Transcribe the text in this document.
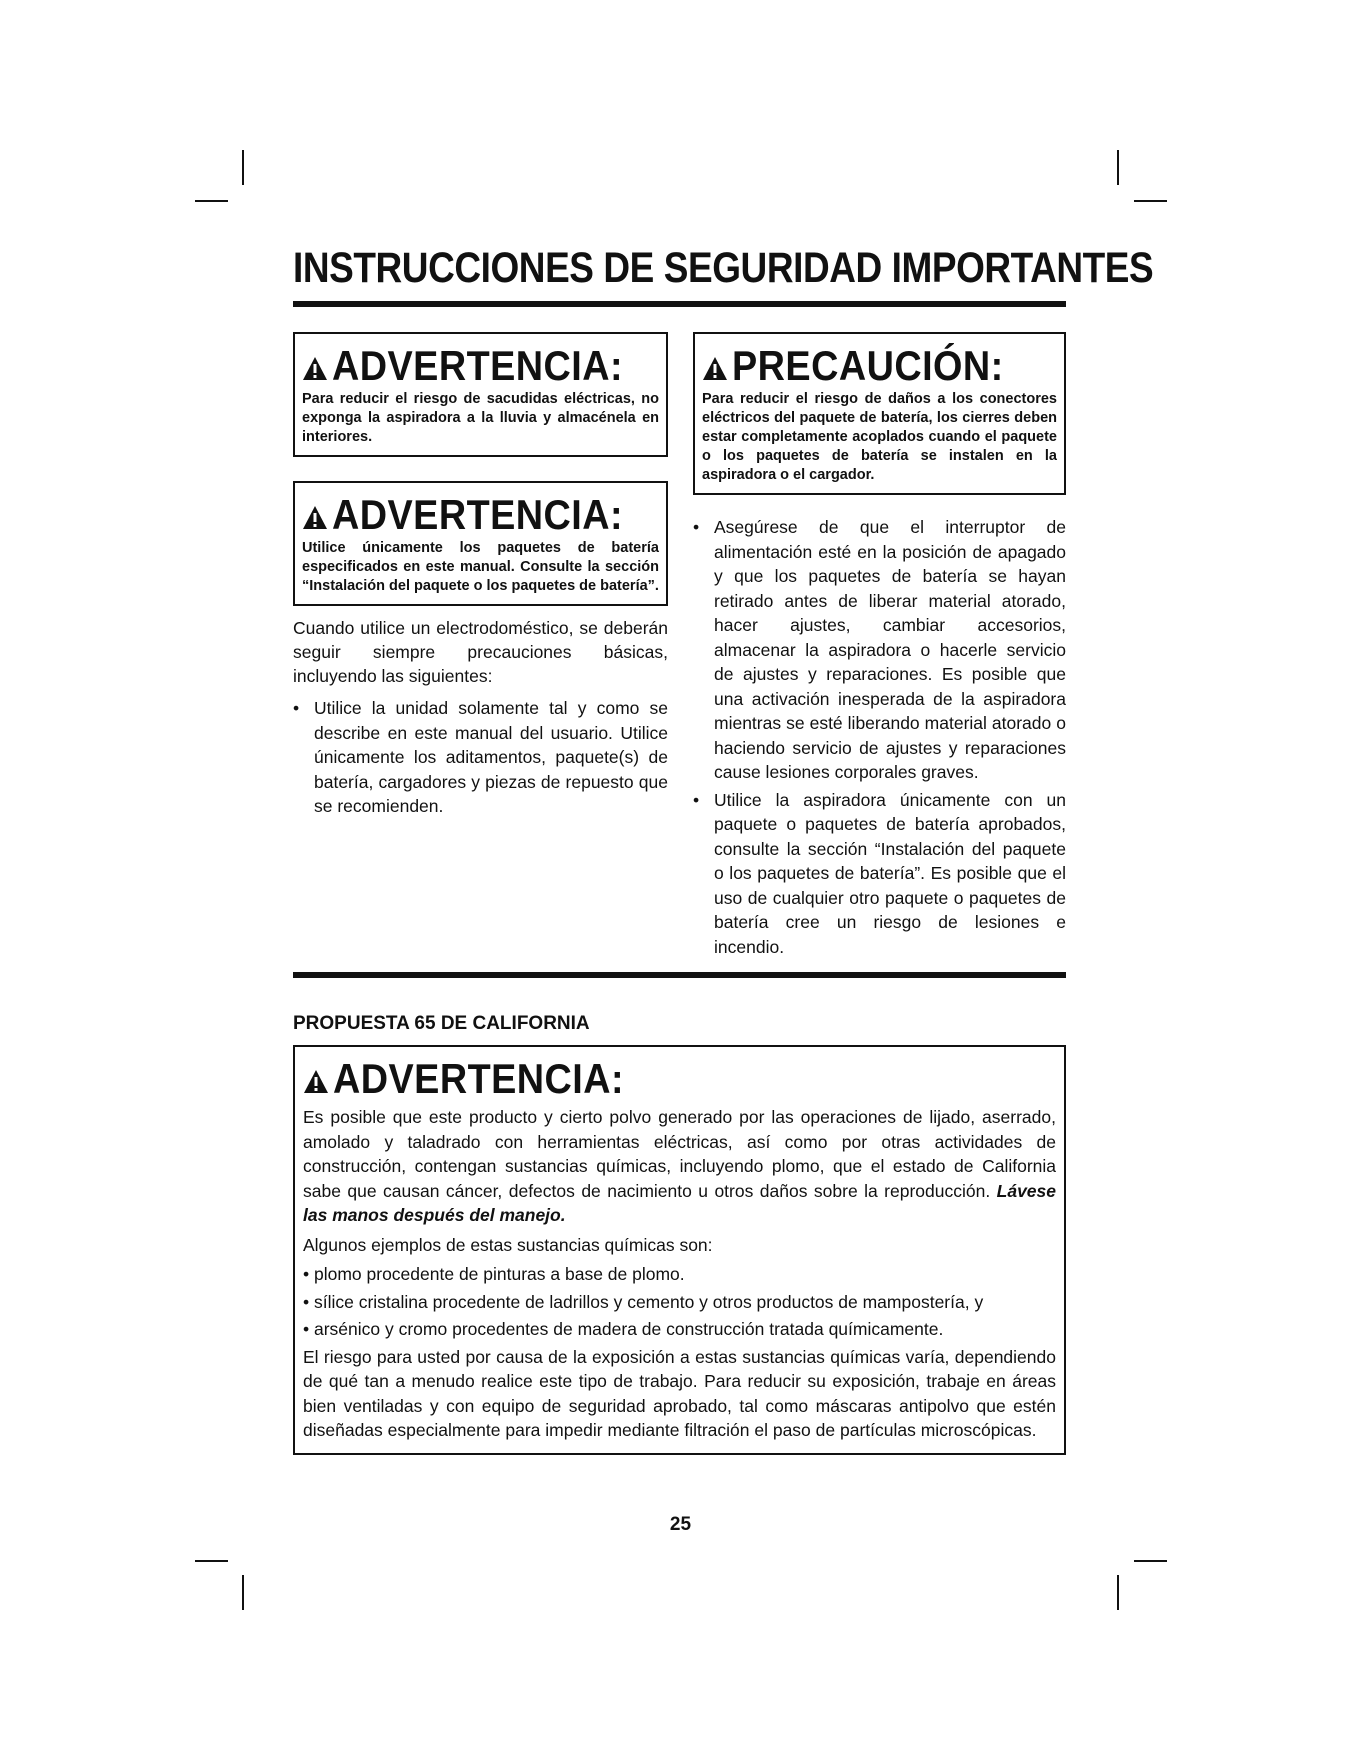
INSTRUCCIONES DE SEGURIDAD IMPORTANTES
ADVERTENCIA:
Para reducir el riesgo de sacudidas eléctricas, no exponga la aspiradora a la lluvia y almacénela en interiores.
ADVERTENCIA:
Utilice únicamente los paquetes de batería especificados en este manual. Consulte la sección “Instalación del paquete o los paquetes de batería”.

Cuando utilice un electrodoméstico, se deberán seguir siempre precauciones básicas, incluyendo las siguientes:

• Utilice la unidad solamente tal y como se describe en este manual del usuario. Utilice únicamente los aditamentos, paquete(s) de batería, cargadores y piezas de repuesto que se recomienden.
PRECAUCIÓN:
Para reducir el riesgo de daños a los conectores eléctricos del paquete de batería, los cierres deben estar completamente acoplados cuando el paquete o los paquetes de batería se instalen en la aspiradora o el cargador.
• Asegúrese de que el interruptor de alimentación esté en la posición de apagado y que los paquetes de batería se hayan retirado antes de liberar material atorado, hacer ajustes, cambiar accesorios, almacenar la aspiradora o hacerle servicio de ajustes y reparaciones. Es posible que una activación inesperada de la aspiradora mientras se esté liberando material atorado o haciendo servicio de ajustes y reparaciones cause lesiones corporales graves.
• Utilice la aspiradora únicamente con un paquete o paquetes de batería aprobados, consulte la sección “Instalación del paquete o los paquetes de batería”. Es posible que el uso de cualquier otro paquete o paquetes de batería cree un riesgo de lesiones e incendio.
PROPUESTA 65 DE CALIFORNIA
ADVERTENCIA:

Es posible que este producto y cierto polvo generado por las operaciones de lijado, aserrado, amolado y taladrado con herramientas eléctricas, así como por otras actividades de construcción, contengan sustancias químicas, incluyendo plomo, que el estado de California sabe que causan cáncer, defectos de nacimiento u otros daños sobre la reproducción. Lávese las manos después del manejo.

Algunos ejemplos de estas sustancias químicas son:

• plomo procedente de pinturas a base de plomo.
• sílice cristalina procedente de ladrillos y cemento y otros productos de mampostería, y
• arsénico y cromo procedentes de madera de construcción tratada químicamente.

El riesgo para usted por causa de la exposición a estas sustancias químicas varía, dependiendo de qué tan a menudo realice este tipo de trabajo. Para reducir su exposición, trabaje en áreas bien ventiladas y con equipo de seguridad aprobado, tal como máscaras antipolvo que estén diseñadas especialmente para impedir mediante filtración el paso de partículas microscópicas.

25
